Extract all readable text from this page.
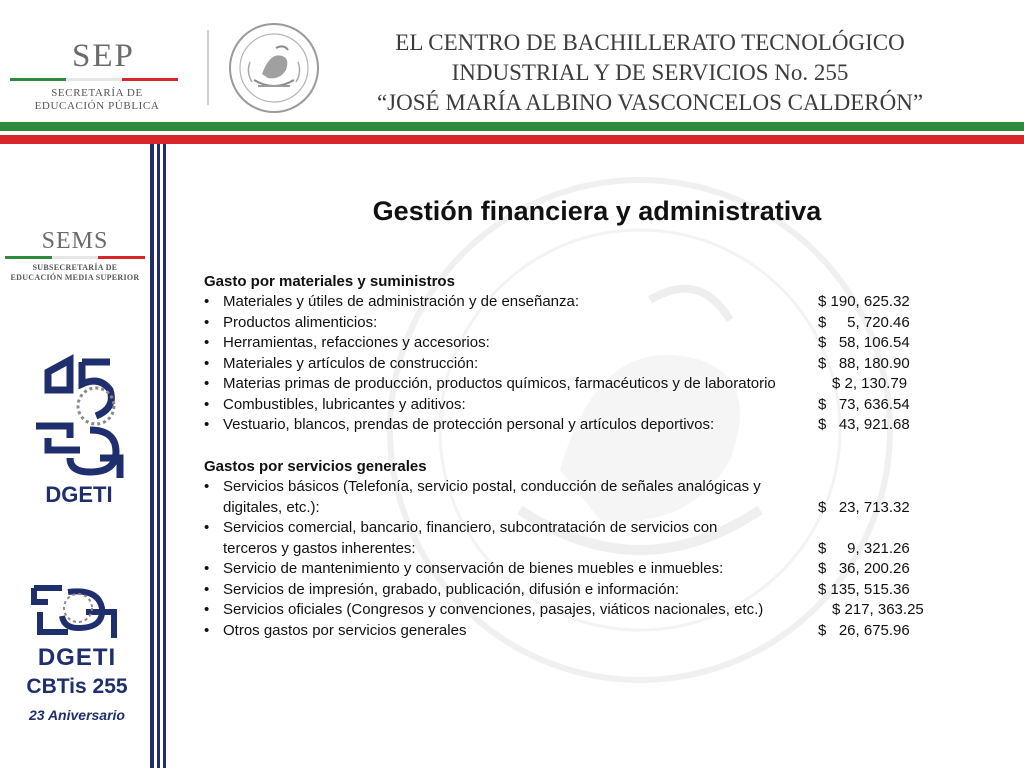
SEP
SECRETARÍA DE
EDUCACIÓN PÚBLICA
EL CENTRO DE BACHILLERATO TECNOLÓGICO
INDUSTRIAL Y DE SERVICIOS No. 255
“JOSÉ MARÍA ALBINO VASCONCELOS CALDERÓN”
SEMS
SUBSECRETARÍA DE
EDUCACIÓN MEDIA SUPERIOR
DGETI
DGETI
CBTis 255
23 Aniversario
Gestión financiera y administrativa
Gasto por materiales y suministros
• Materiales y útiles de administración y de enseñanza:	$ 190, 625.32
• Productos alimenticios:	$     5, 720.46
• Herramientas, refacciones y accesorios:	$   58, 106.54
• Materiales y artículos de construcción:	$   88, 180.90
• Materias primas de producción, productos químicos, farmacéuticos y de laboratorio	$ 2, 130.79
• Combustibles, lubricantes y aditivos:	$   73, 636.54
• Vestuario, blancos, prendas de protección personal y artículos deportivos:	$   43, 921.68
Gastos por servicios generales
• Servicios básicos (Telefonía, servicio postal, conducción de señales analógicas y digitales, etc.):	$   23, 713.32
• Servicios comercial, bancario, financiero, subcontratación de servicios con terceros y gastos inherentes:	$     9, 321.26
• Servicio de mantenimiento y conservación de bienes muebles e inmuebles:	$   36, 200.26
• Servicios de impresión, grabado, publicación, difusión e información:	$ 135, 515.36
• Servicios oficiales (Congresos y convenciones, pasajes, viáticos nacionales, etc.)	$ 217, 363.25
• Otros gastos por servicios generales	$   26, 675.96
